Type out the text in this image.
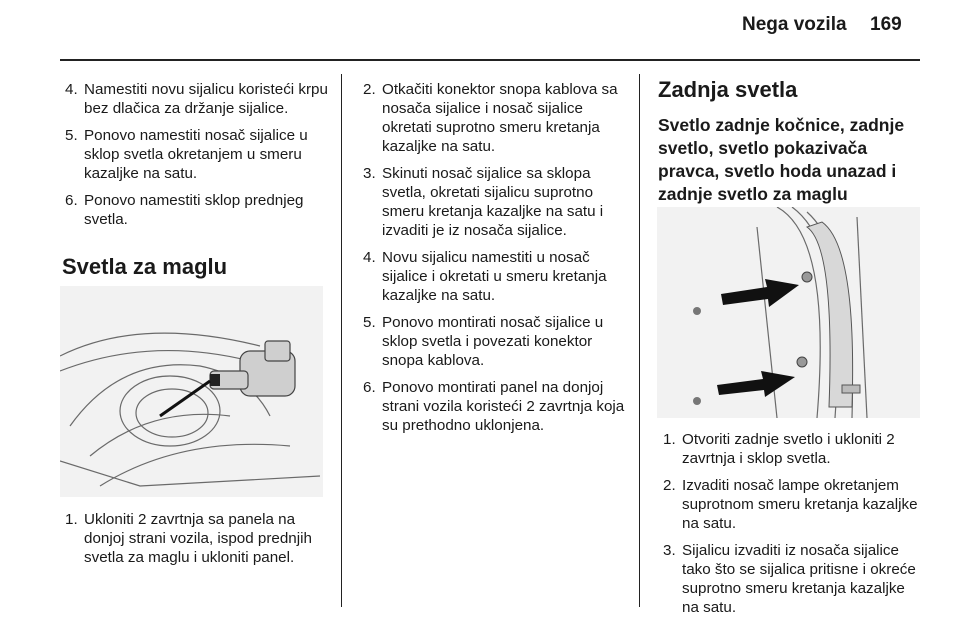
Nega vozila 169
4. Namestiti novu sijalicu koristeći krpu bez dlačica za držanje sijalice.
5. Ponovo namestiti nosač sijalice u sklop svetla okretanjem u smeru kazaljke na satu.
6. Ponovo namestiti sklop prednjeg svetla.
Svetla za maglu
1. Ukloniti 2 zavrtnja sa panela na donjoj strani vozila, ispod prednjih svetla za maglu i ukloniti panel.
2. Otkačiti konektor snopa kablova sa nosača sijalice i nosač sijalice okretati suprotno smeru kretanja kazaljke na satu.
3. Skinuti nosač sijalice sa sklopa svetla, okretati sijalicu suprotno smeru kretanja kazaljke na satu i izvaditi je iz nosača sijalice.
4. Novu sijalicu namestiti u nosač sijalice i okretati u smeru kretanja kazaljke na satu.
5. Ponovo montirati nosač sijalice u sklop svetla i povezati konektor snopa kablova.
6. Ponovo montirati panel na donjoj strani vozila koristeći 2 zavrtnja koja su prethodno uklonjena.
Zadnja svetla
Svetlo zadnje kočnice, zadnje svetlo, svetlo pokazivača pravca, svetlo hoda unazad i zadnje svetlo za maglu
1. Otvoriti zadnje svetlo i ukloniti 2 zavrtnja i sklop svetla.
2. Izvaditi nosač lampe okretanjem suprotnom smeru kretanja kazaljke na satu.
3. Sijalicu izvaditi iz nosača sijalice tako što se sijalica pritisne i okreće suprotno smeru kretanja kazaljke na satu.
